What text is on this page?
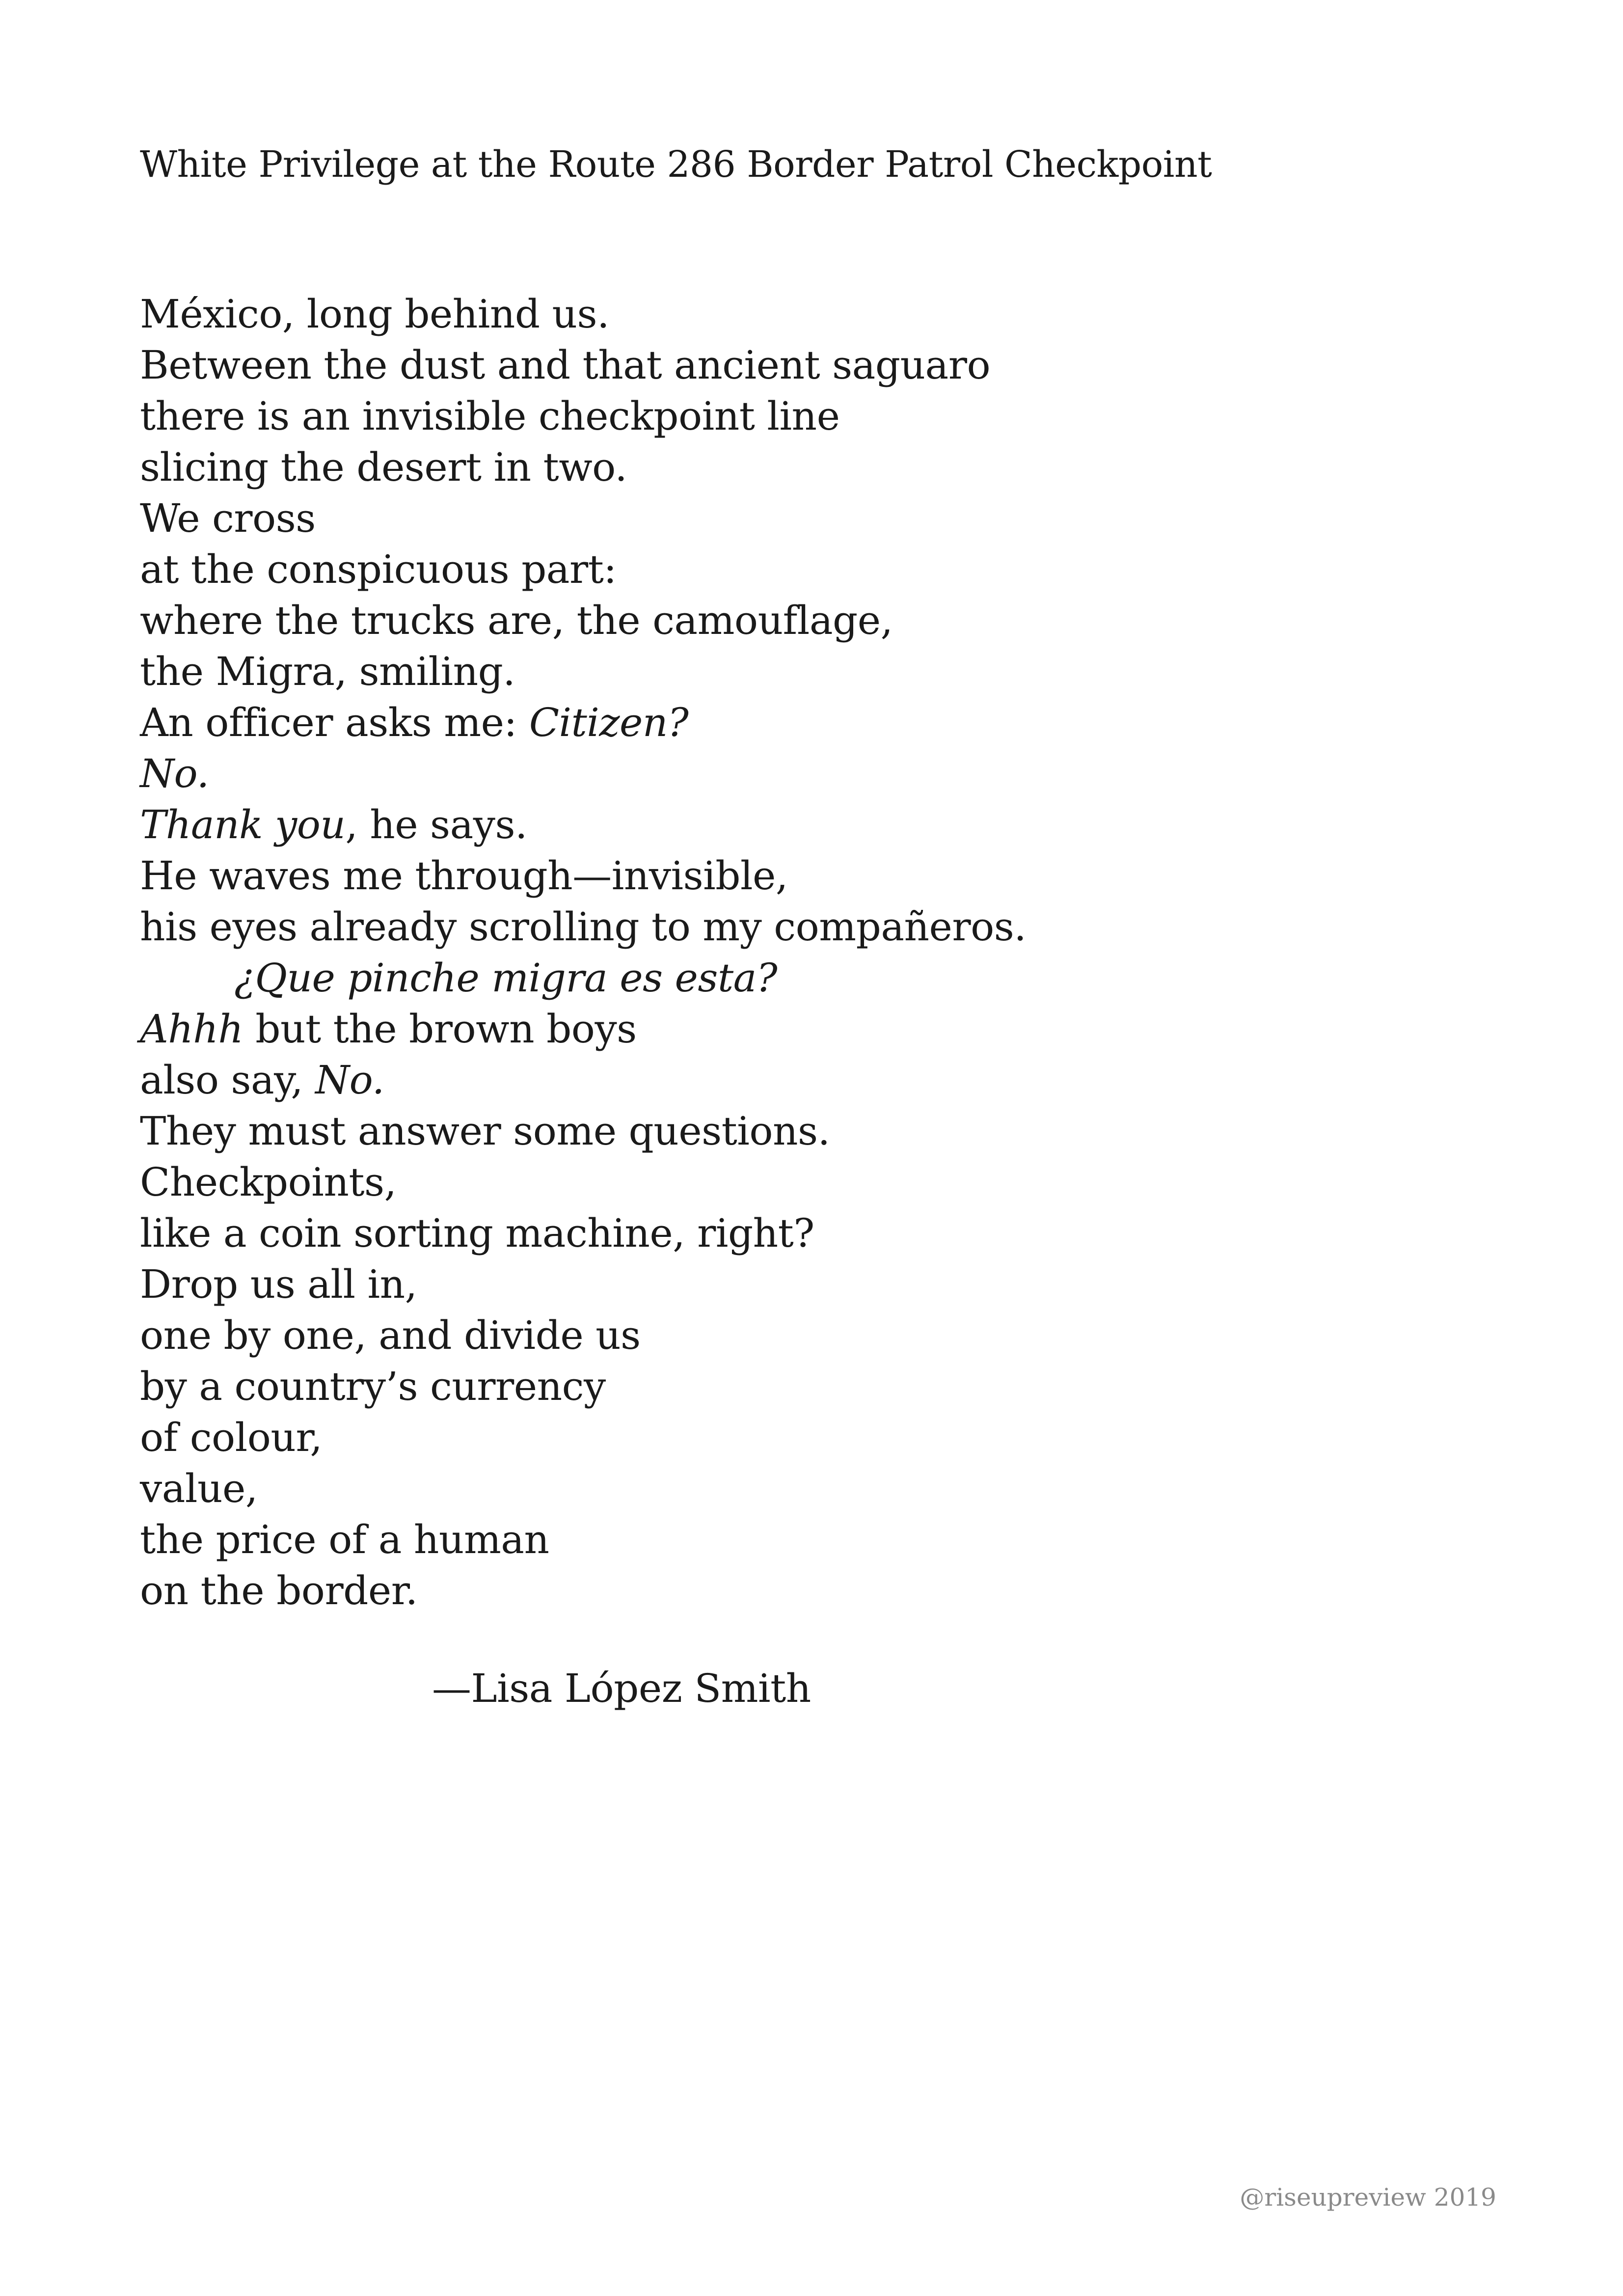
White Privilege at the Route 286 Border Patrol Checkpoint
México, long behind us.
Between the dust and that ancient saguaro
there is an invisible checkpoint line
slicing the desert in two.
We cross
at the conspicuous part:
where the trucks are, the camouflage,
the Migra, smiling.
An officer asks me: Citizen?
No.
Thank you, he says.
He waves me through—invisible,
his eyes already scrolling to my compañeros.
¿Que pinche migra es esta?
Ahhh but the brown boys
also say, No.
They must answer some questions.
Checkpoints,
like a coin sorting machine, right?
Drop us all in,
one by one, and divide us
by a country’s currency
of colour,
value,
the price of a human
on the border.
—Lisa López Smith
@riseupreview 2019
